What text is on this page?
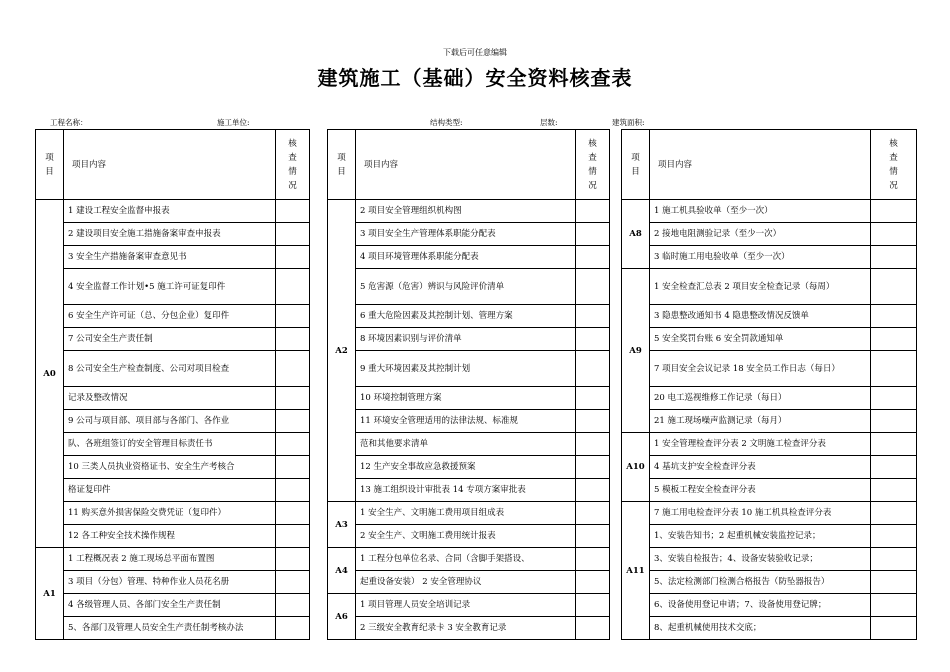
下载后可任意编辑
建筑施工（基础）安全资料核查表
工程名称：	施工单位:	结构类型:	层数:	建筑面积:
项目	项目内容	核查情况		项目	项目内容	核查情况		项目	项目内容	核查情况
A0	1 建设工程安全监督申报表			A2	2 项目安全管理组织机构图			A8	1 施工机具验收单（至少一次）	
	2 建设项目安全施工措施备案审查申报表				3 项目安全生产管理体系职能分配表				2 接地电阻测验记录（至少一次）	
	3 安全生产措施备案审查意见书				4 项目环境管理体系职能分配表				3 临时施工用电验收单（至少一次）	
	4 安全监督工作计划•5 施工许可证复印件				5 危害源（危害）辨识与风险评价清单			A9	1 安全检查汇总表 2 项目安全检查记录（每周）	
	6 安全生产许可证（总、分包企业）复印件				6 重大危险因素及其控制计划、管理方案				3 隐患整改通知书 4 隐患整改情况反馈单	
	7 公司安全生产责任制				8 环境因素识别与评价清单				5 安全奖罚台账 6 安全罚款通知单	
	8 公司安全生产检查制度、公司对项目检查				9 重大环境因素及其控制计划				7 项目安全会议记录 18 安全员工作日志（每日）	
	记录及整改情况				10 环境控制管理方案				20 电工巡视维修工作记录（每日）	
	9 公司与项目部、项目部与各部门、各作业				11 环境安全管理适用的法律法规、标准规				21 施工现场噪声监测记录（每月）	
	队、各班组签订的安全管理目标责任书				范和其他要求清单			A10	1 安全管理检查评分表 2 文明施工检查评分表	
	10 三类人员执业资格证书、安全生产考核合				12 生产安全事故应急救援预案				4 基坑支护安全检查评分表	
	格证复印件				13 施工组织设计审批表 14 专项方案审批表				5 模板工程安全检查评分表	
	11 购买意外损害保险交费凭证（复印件）			A3	1 安全生产、文明施工费用项目组成表			A11	7 施工用电检查评分表 10 施工机具检查评分表	
	12 各工种安全技术操作规程				2 安全生产、文明施工费用统计报表				1、安装告知书；2 起重机械安装监控记录；	
A1	1 工程概况表 2 施工现场总平面布置图			A4	1 工程分包单位名录、合同（含脚手架搭设、				3、安装自检报告；4、设备安装验收记录；	
	3 项目（分包）管理、特种作业人员花名册				起重设备安装） 2 安全管理协议				5、法定检测部门检测合格报告（防坠器报告）	
	4 各级管理人员、各部门安全生产责任制			A6	1 项目管理人员安全培训记录				6、设备使用登记申请；7、设备使用登记牌；	
	5、各部门及管理人员安全生产责任制考核办法				2 三级安全教育纪录卡 3 安全教育记录				8、起重机械使用技术交底；	
